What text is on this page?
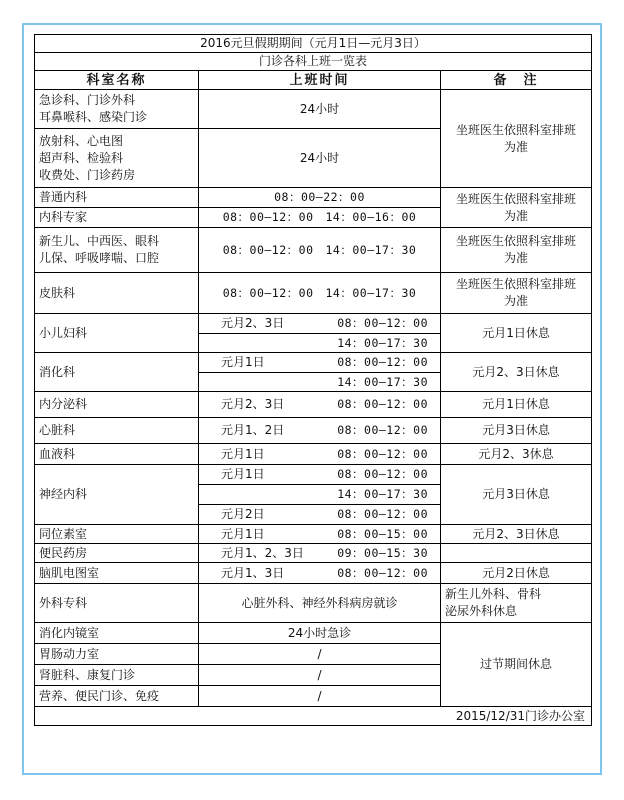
2016元旦假期期间（元月1日—元月3日）		
门诊各科上班一览表		
科室名称	上班时间	备　注

急诊科、门诊外科
耳鼻喉科、感染门诊	24小时	坐班医生依照科室排班为准

放射科、心电图
超声科、检验科
收费处、门诊药房	24小时	
普通内科	08：00—22：00	坐班医生依照科室排班为准
内科专家	08：00—12：00　14：00—16：00	

新生儿、中西医、眼科
儿保、呼吸哮喘、口腔	08：00—12：00　14：00—17：30	坐班医生依照科室排班为准
皮肤科	08：00—12：00　14：00—17：30	坐班医生依照科室排班为准
小儿妇科	元月2、3日 08：00—12：00	元月1日休息

	14：00—17：30	

消化科	元月1日 08：00—12：00	元月2、3日休息

	14：00—17：30	

内分泌科	元月2、3日 08：00—12：00	元月1日休息
心脏科	元月1、2日 08：00—12：00	元月3日休息
血液科	元月1日 08：00—12：00	元月2、3休息
神经内科	元月1日 08：00—12：00	元月3日休息

	14：00—17：30	

	元月2日 08：00—12：00	

同位素室	元月1日 08：00—15：00	元月2、3日休息
便民药房	元月1、2、3日 09：00—15：30	

脑肌电图室	元月1、3日 08：00—12：00	元月2日休息
外科专科	心脏外科、神经外科病房就诊	新生儿外科、骨科
泌尿外科休息

消化内镜室	24小时急诊	过节期间休息
胃肠动力室	/	
肾脏科、康复门诊	/	
营养、便民门诊、免疫	/	
2015/12/31门诊办公室		
